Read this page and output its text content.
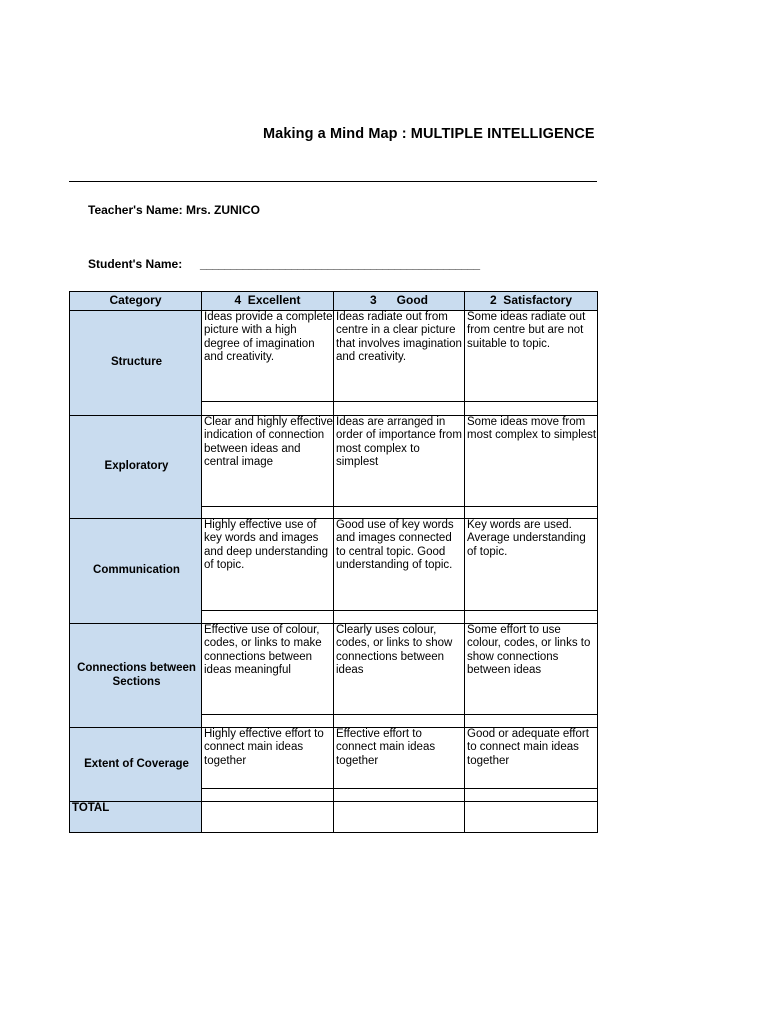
Making a Mind Map : MULTIPLE INTELLIGENCE
Teacher's Name: Mrs. ZUNICO
Student's Name: ______________________________________________
Category	4  Excellent	3      Good	2  Satisfactory
Structure	Ideas provide a complete picture with a high degree of imagination and creativity.	Ideas radiate out from centre in a clear picture that involves imagination and creativity.	Some ideas radiate out from centre but are not suitable to topic.

Exploratory	Clear and highly effective indication of connection between ideas and central image	Ideas are arranged in order of importance from most complex to simplest	Some ideas move from most complex to simplest

Communication	Highly effective use of key words and images and deep understanding of topic.	Good use of key words and images connected to central topic. Good understanding of topic.	Key words are used. Average understanding of topic.

Connections between Sections	Effective use of colour, codes, or links to make connections between ideas meaningful	Clearly uses colour, codes, or links to show connections between ideas	Some effort to use colour, codes, or links to show connections between ideas

Extent of Coverage	Highly effective effort to connect main ideas together	Effective effort to connect main ideas together	Good or adequate effort to connect main ideas together

TOTAL			
